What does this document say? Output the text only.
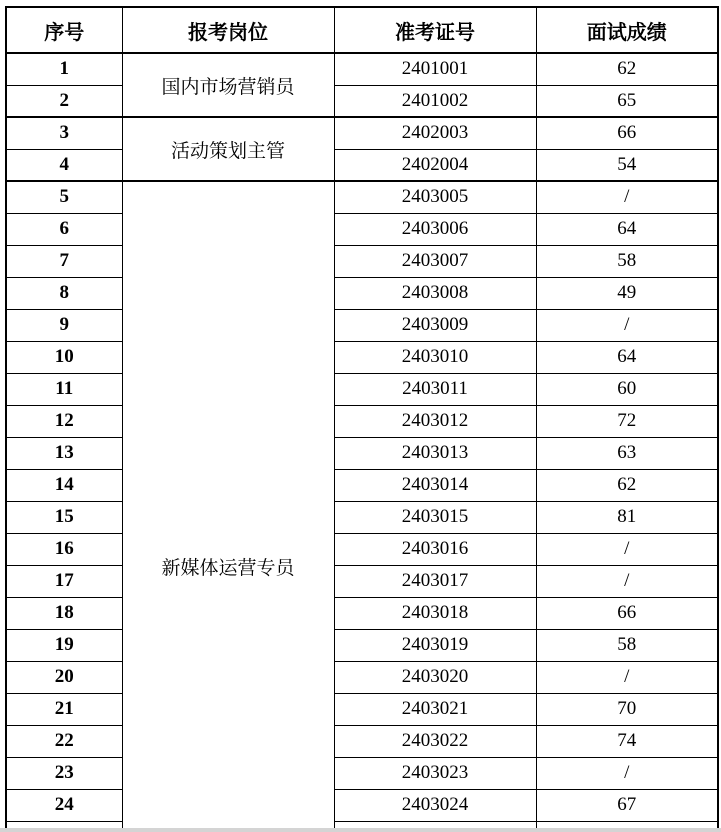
序号	报考岗位	准考证号	面试成绩
1	国内市场营销员	2401001	62
2		2401002	65
3	活动策划主管	2402003	66
4		2402004	54
5	新媒体运营专员	2403005	/
6		2403006	64
7		2403007	58
8		2403008	49
9		2403009	/
10		2403010	64
11		2403011	60
12		2403012	72
13		2403013	63
14		2403014	62
15		2403015	81
16		2403016	/
17		2403017	/
18		2403018	66
19		2403019	58
20		2403020	/
21		2403021	70
22		2403022	74
23		2403023	/
24		2403024	67
